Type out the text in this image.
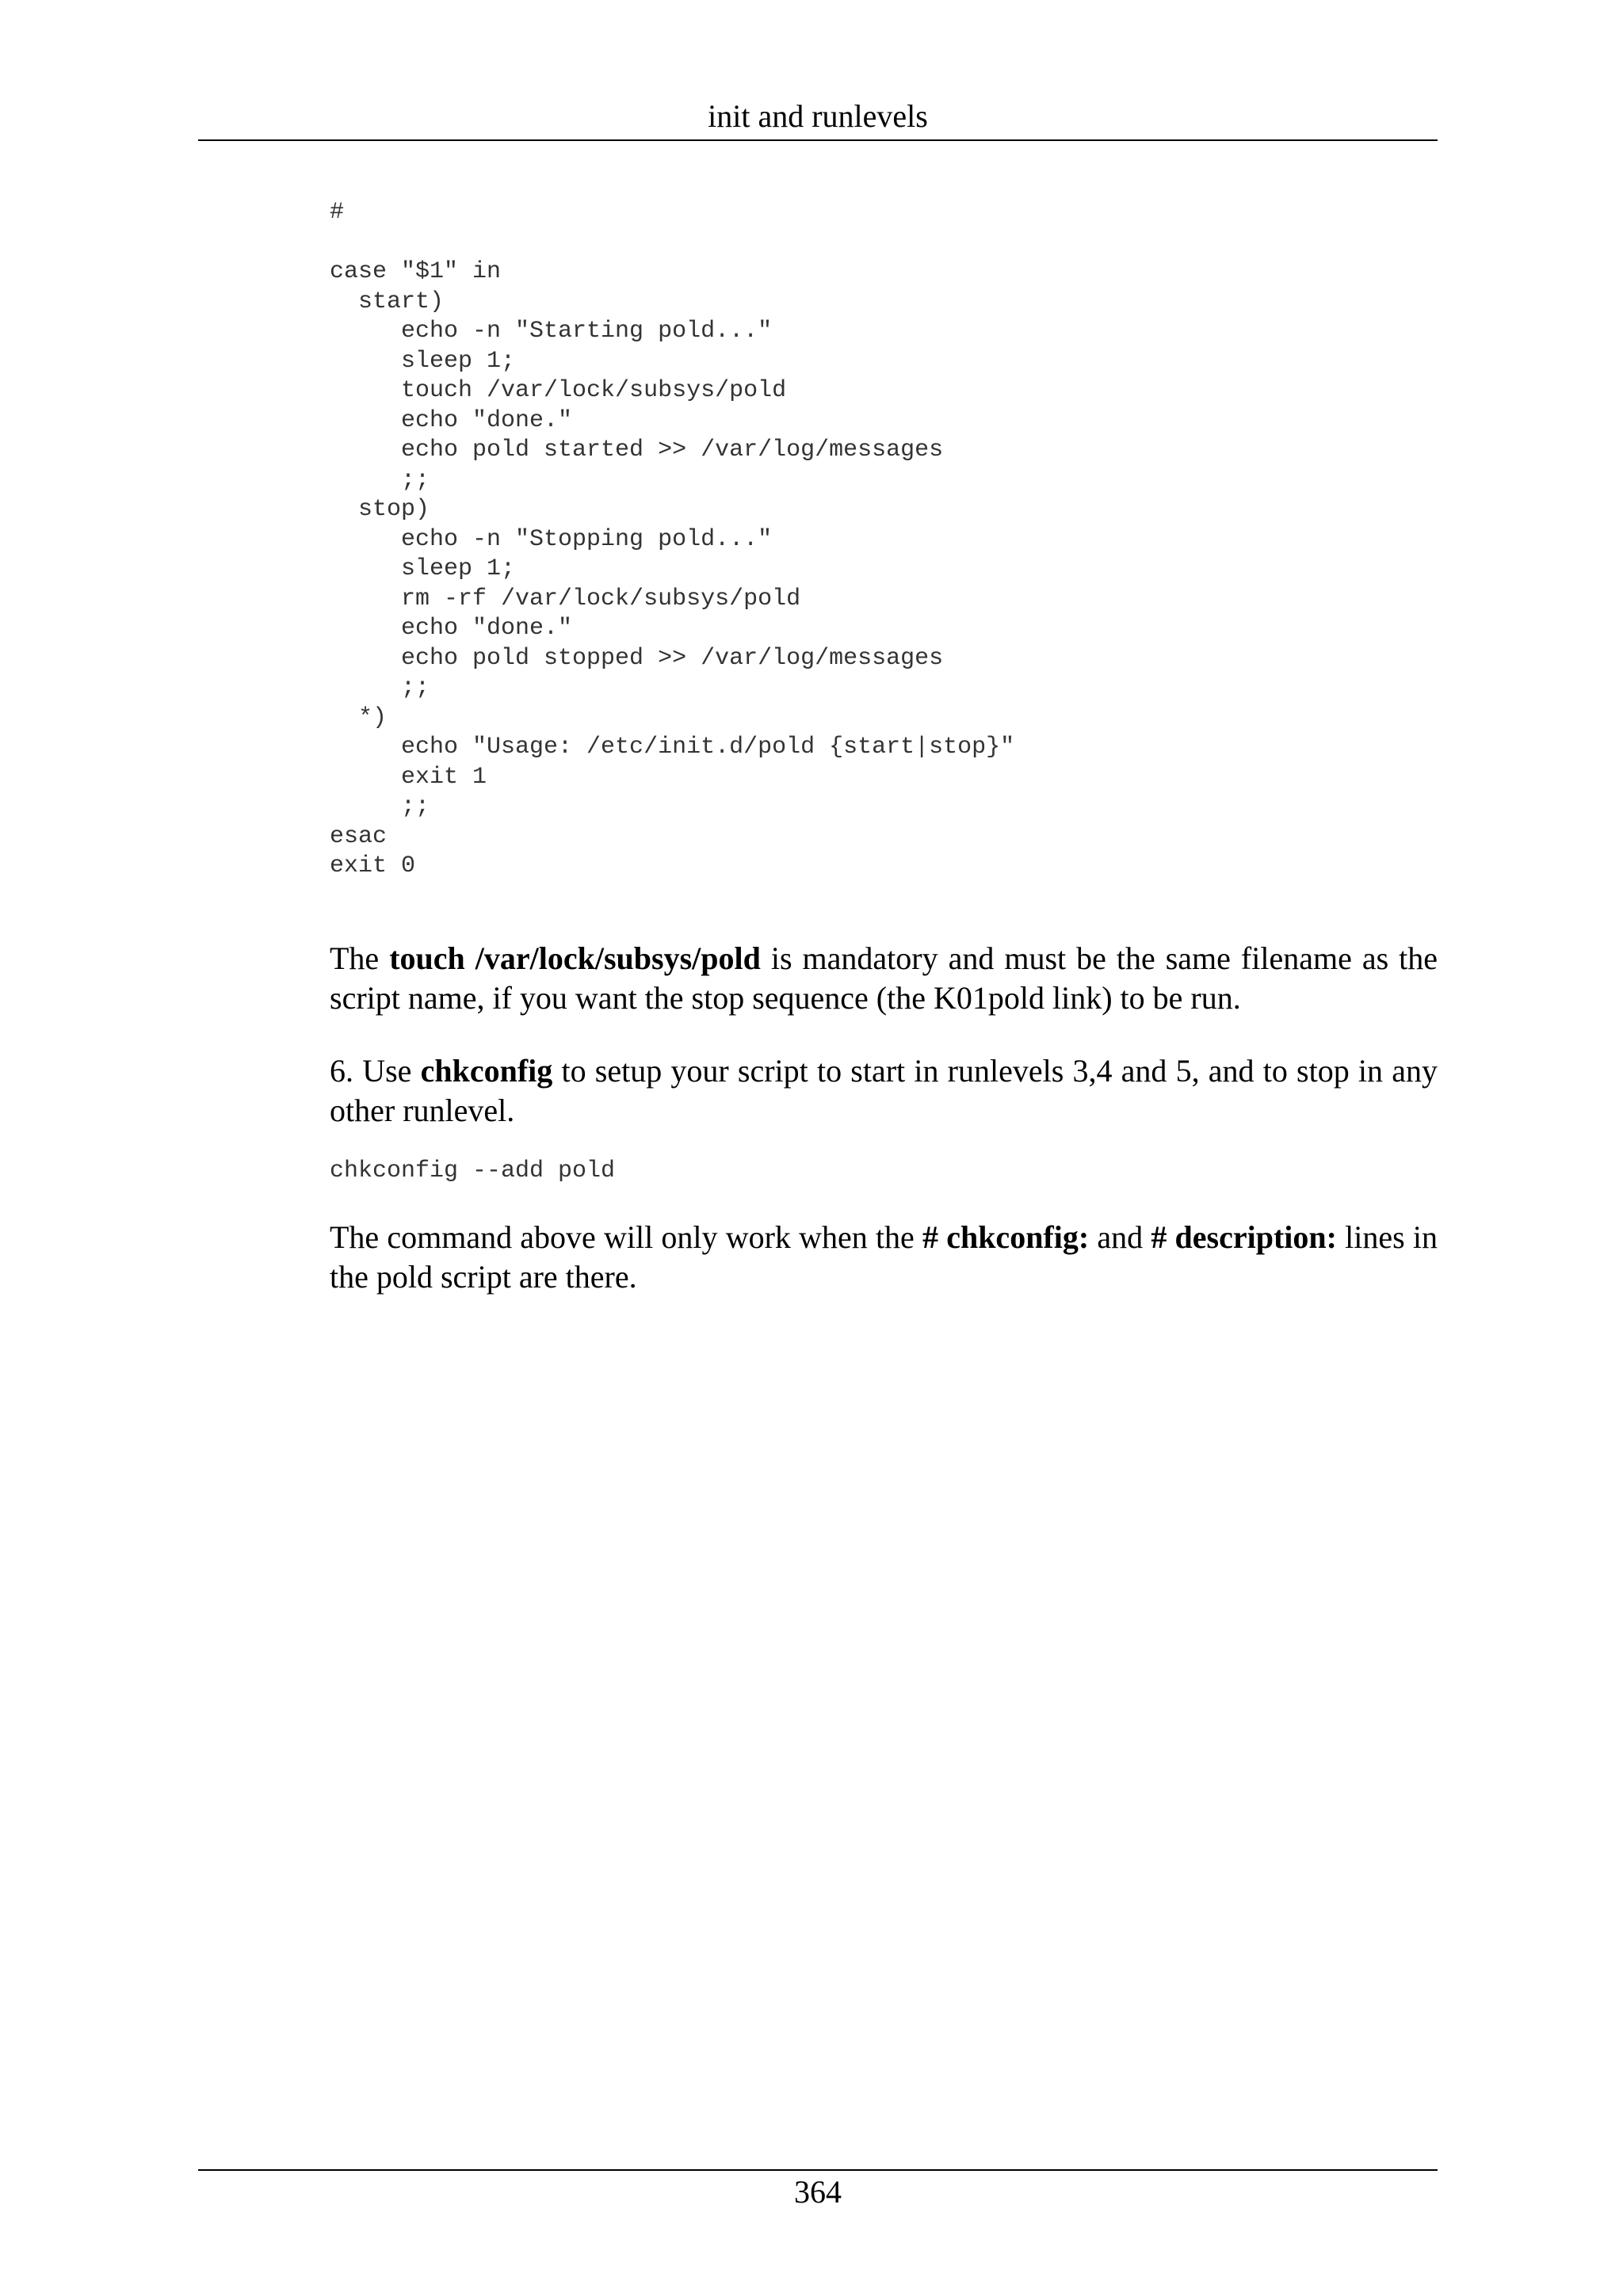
init and runlevels
#

case "$1" in
start)
echo -n "Starting pold..."
sleep 1;
touch /var/lock/subsys/pold
echo "done."
echo pold started >> /var/log/messages
;;
stop)
echo -n "Stopping pold..."
sleep 1;
rm -rf /var/lock/subsys/pold
echo "done."
echo pold stopped >> /var/log/messages
;;
*)
echo "Usage: /etc/init.d/pold {start|stop}"
exit 1
;;
esac
exit 0

The touch /var/lock/subsys/pold is mandatory and must be the same filename as the script name, if you want the stop sequence (the K01pold link) to be run.

6. Use chkconfig to setup your script to start in runlevels 3,4 and 5, and to stop in any other runlevel.

chkconfig --add pold

The command above will only work when the # chkconfig: and # description: lines in the pold script are there.

364
